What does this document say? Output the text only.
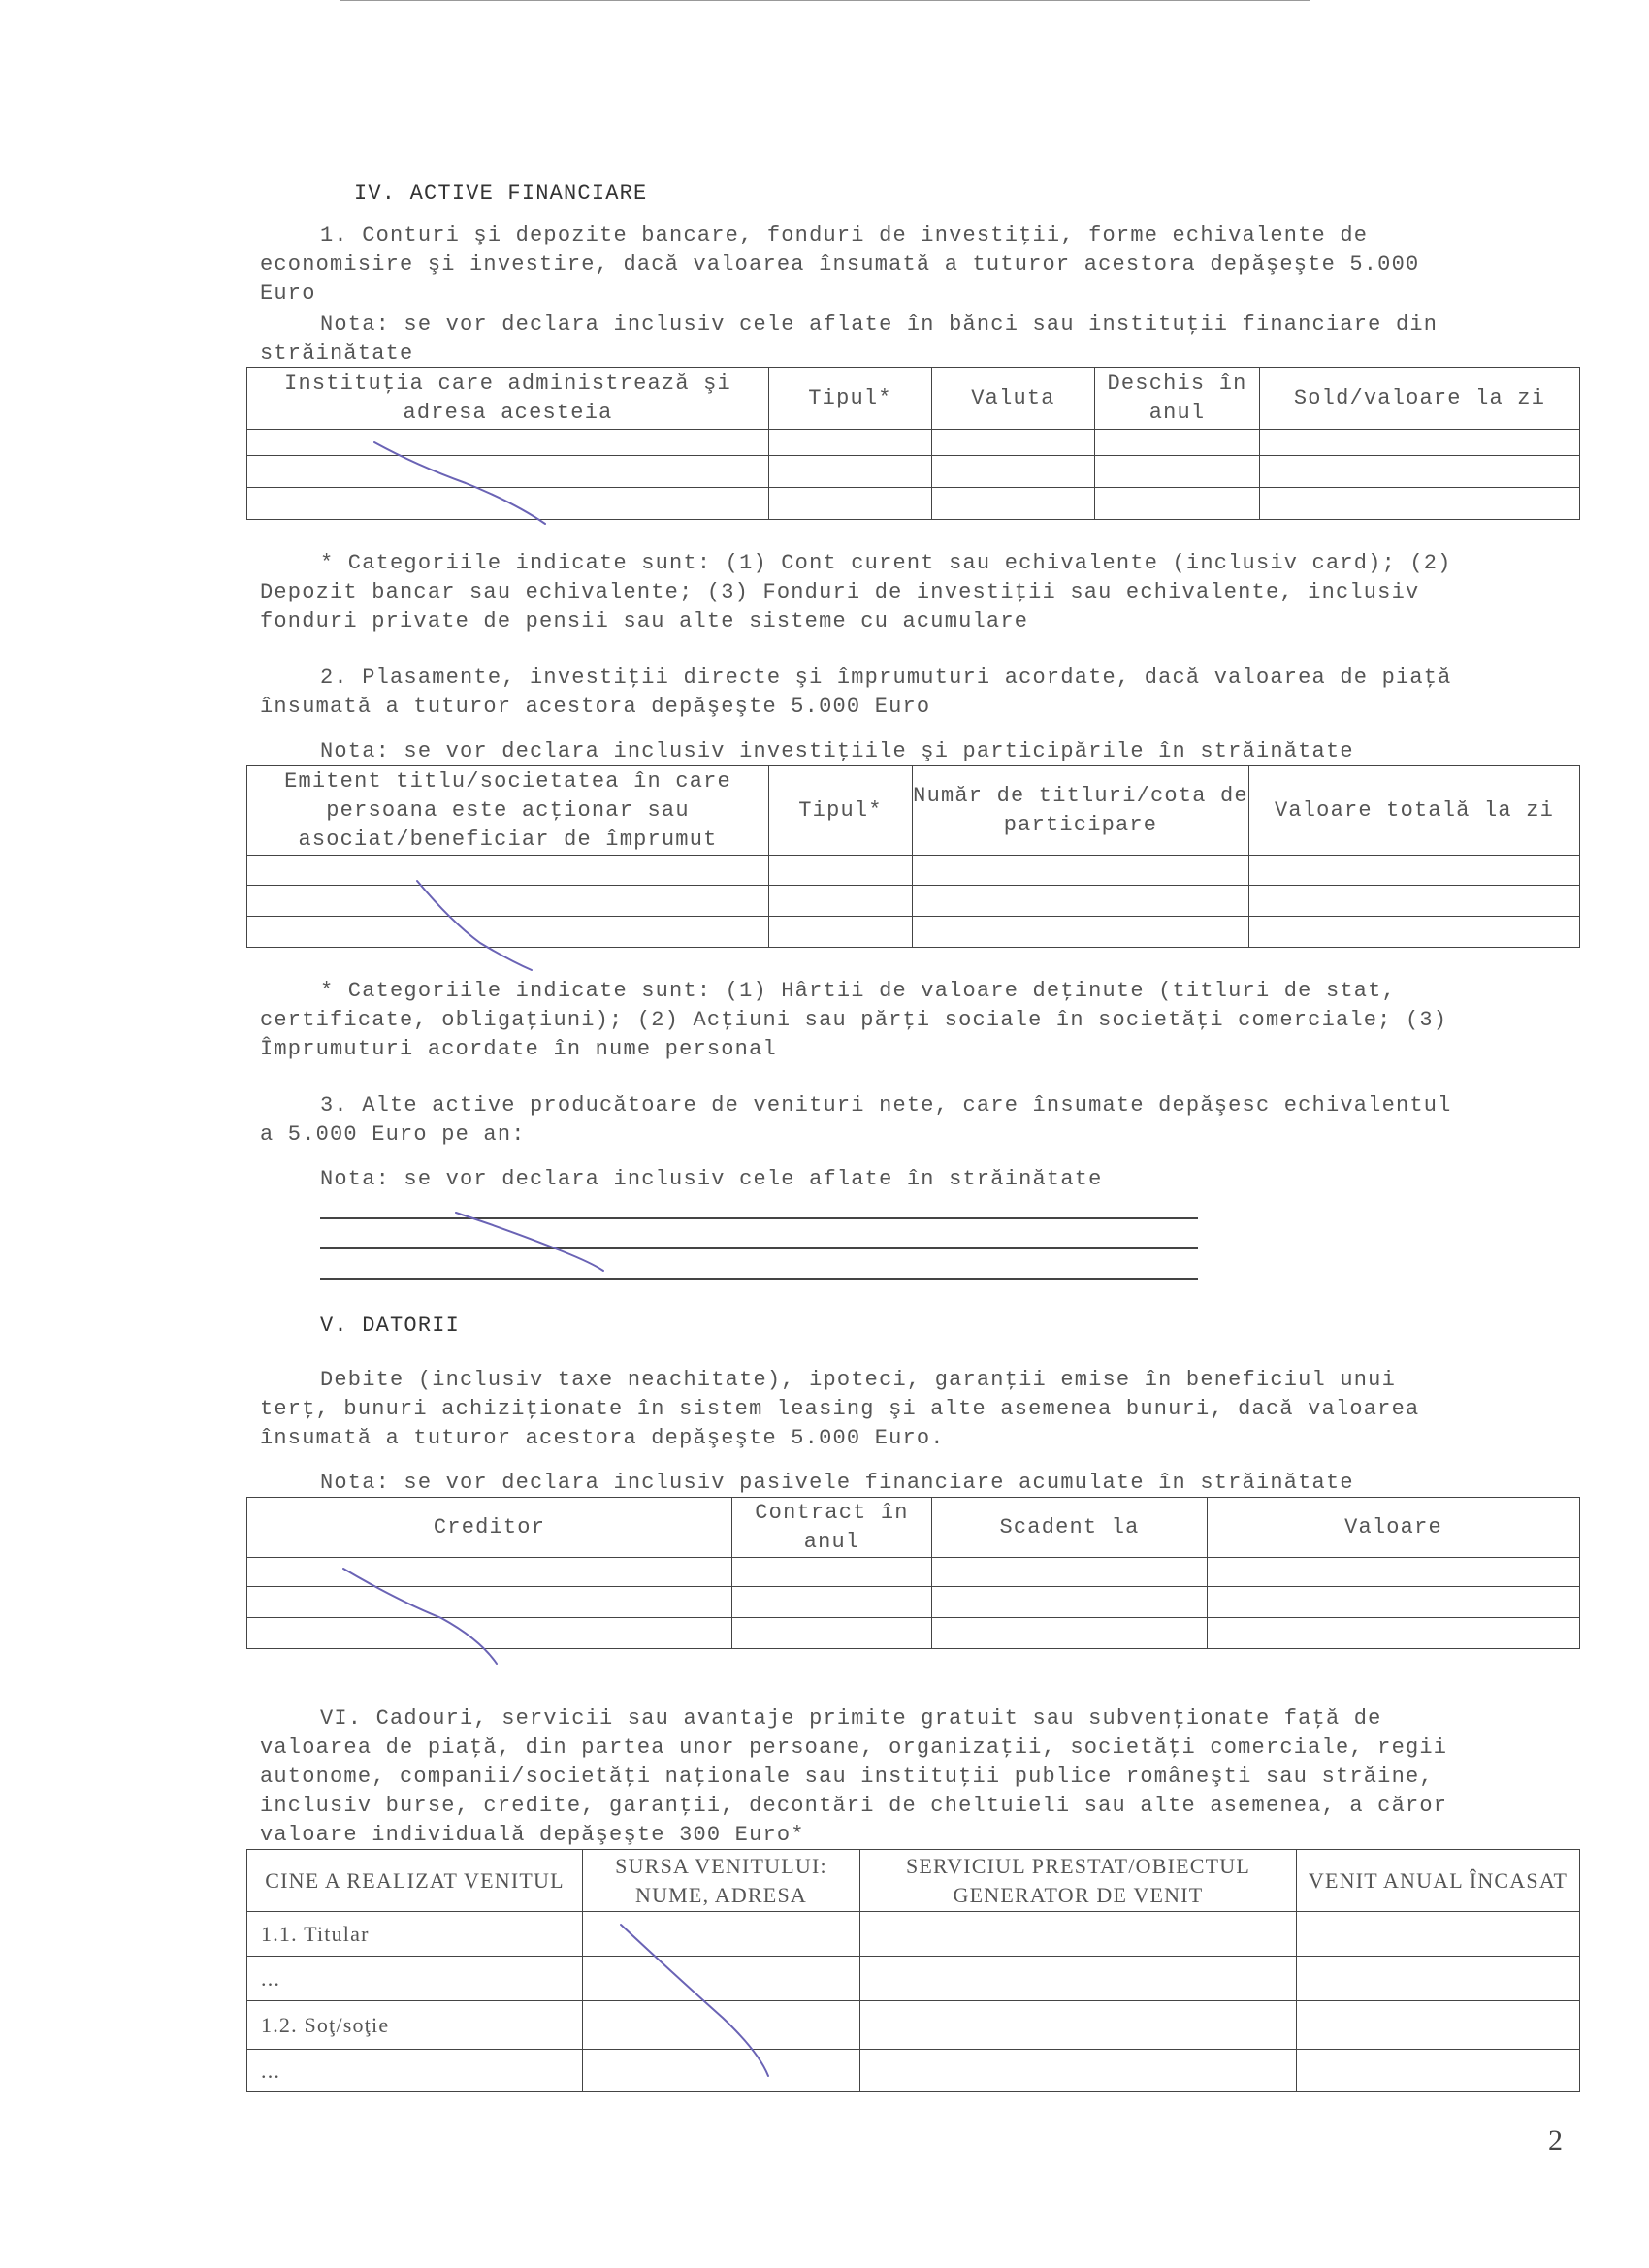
IV. ACTIVE FINANCIARE
1. Conturi şi depozite bancare, fonduri de investiţii, forme echivalente de
economisire şi investire, dacă valoarea însumată a tuturor acestora depăşeşte 5.000
Euro
Nota: se vor declara inclusiv cele aflate în bănci sau instituţii financiare din
străinătate
Instituţia care administrează şi adresa acesteia	Tipul*	Valuta	Deschis în anul	Sold/valoare la zi

* Categoriile indicate sunt: (1) Cont curent sau echivalente (inclusiv card); (2)
Depozit bancar sau echivalente; (3) Fonduri de investiţii sau echivalente, inclusiv
fonduri private de pensii sau alte sisteme cu acumulare
2. Plasamente, investiţii directe şi împrumuturi acordate, dacă valoarea de piaţă
însumată a tuturor acestora depăşeşte 5.000 Euro
Nota: se vor declara inclusiv investiţiile şi participările în străinătate
Emitent titlu/societatea în care persoana este acţionar sau asociat/beneficiar de împrumut	Tipul*	Număr de titluri/cota de participare	Valoare totală la zi

* Categoriile indicate sunt: (1) Hârtii de valoare deţinute (titluri de stat,
certificate, obligaţiuni); (2) Acţiuni sau părţi sociale în societăţi comerciale; (3)
Împrumuturi acordate în nume personal
3. Alte active producătoare de venituri nete, care însumate depăşesc echivalentul
a 5.000 Euro pe an:
Nota: se vor declara inclusiv cele aflate în străinătate
V. DATORII
Debite (inclusiv taxe neachitate), ipoteci, garanţii emise în beneficiul unui
terţ, bunuri achiziţionate în sistem leasing şi alte asemenea bunuri, dacă valoarea
însumată a tuturor acestora depăşeşte 5.000 Euro.
Nota: se vor declara inclusiv pasivele financiare acumulate în străinătate
Creditor	Contract în anul	Scadent la	Valoare

VI. Cadouri, servicii sau avantaje primite gratuit sau subvenţionate faţă de
valoarea de piaţă, din partea unor persoane, organizaţii, societăţi comerciale, regii
autonome, companii/societăţi naţionale sau instituţii publice româneşti sau străine,
inclusiv burse, credite, garanţii, decontări de cheltuieli sau alte asemenea, a căror
valoare individuală depăşeşte 300 Euro*
CINE A REALIZAT VENITUL	SURSA VENITULUI: NUME, ADRESA	SERVICIUL PRESTAT/OBIECTUL GENERATOR DE VENIT	VENIT ANUAL ÎNCASAT
1.1. Titular			
...			
1.2. Soţ/soţie			
...			
2
